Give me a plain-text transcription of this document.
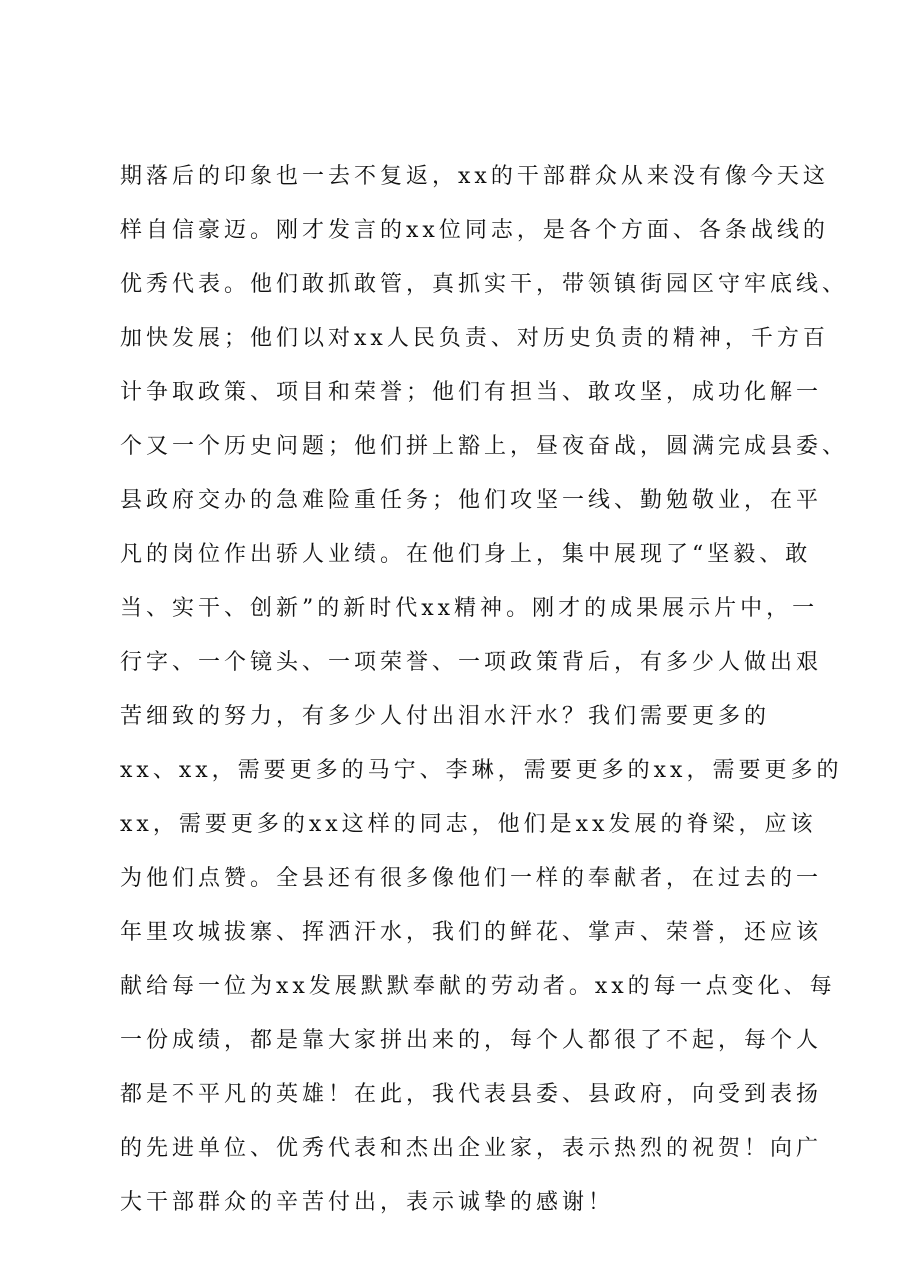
期落后的印象也一去不复返，xx的干部群众从来没有像今天这
样自信豪迈。刚才发言的xx位同志，是各个方面、各条战线的
优秀代表。他们敢抓敢管，真抓实干，带领镇街园区守牢底线、
加快发展；他们以对xx人民负责、对历史负责的精神，千方百
计争取政策、项目和荣誉；他们有担当、敢攻坚，成功化解一
个又一个历史问题；他们拼上豁上，昼夜奋战，圆满完成县委、
县政府交办的急难险重任务；他们攻坚一线、勤勉敬业，在平
凡的岗位作出骄人业绩。在他们身上，集中展现了“坚毅、敢
当、实干、创新”的新时代xx精神。刚才的成果展示片中，一
行字、一个镜头、一项荣誉、一项政策背后，有多少人做出艰
苦细致的努力，有多少人付出泪水汗水？我们需要更多的
xx、xx，需要更多的马宁、李琳，需要更多的xx，需要更多的
xx，需要更多的xx这样的同志，他们是xx发展的脊梁，应该
为他们点赞。全县还有很多像他们一样的奉献者，在过去的一
年里攻城拔寨、挥洒汗水，我们的鲜花、掌声、荣誉，还应该
献给每一位为xx发展默默奉献的劳动者。xx的每一点变化、每
一份成绩，都是靠大家拼出来的，每个人都很了不起，每个人
都是不平凡的英雄！在此，我代表县委、县政府，向受到表扬
的先进单位、优秀代表和杰出企业家，表示热烈的祝贺！向广
大干部群众的辛苦付出，表示诚挚的感谢！
